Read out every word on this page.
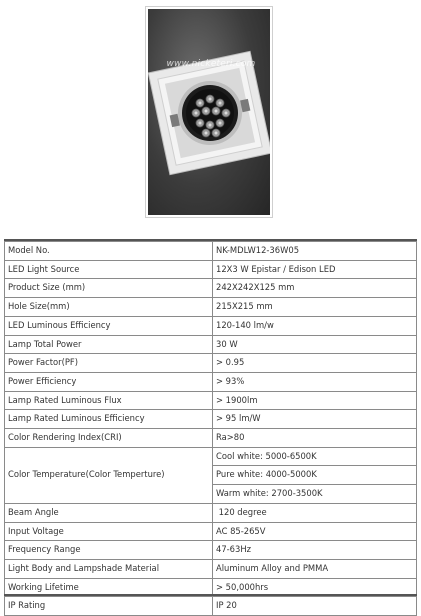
www.nicketeri.com
Model No.	NK-MDLW12-36W05
LED Light Source	12X3 W Epistar / Edison LED
Product Size (mm)	242X242X125 mm
Hole Size(mm)	215X215 mm
LED Luminous Efficiency	120-140 lm/w
Lamp Total Power	30 W
Power Factor(PF)	> 0.95
Power Efficiency	> 93%
Lamp Rated Luminous Flux	> 1900lm
Lamp Rated Luminous Efficiency	> 95 lm/W
Color Rendering Index(CRI)	Ra>80
Color Temperature(Color Temperture)	Cool white: 5000-6500K
	Pure white: 4000-5000K
	Warm white: 2700-3500K
Beam Angle	120 degree
Input Voltage	AC 85-265V
Frequency Range	47-63Hz
Light Body and Lampshade Material	Aluminum Alloy and PMMA
Working Lifetime	> 50,000hrs
IP Rating	IP 20
